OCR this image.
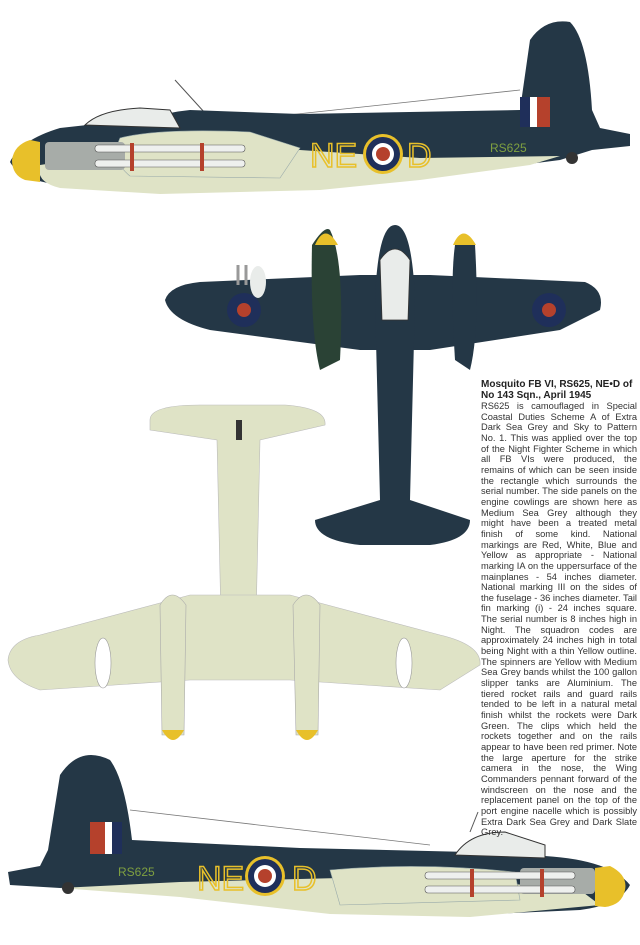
NE D	RS625
NE D
RS625
Mosquito FB VI, RS625, NE•D of No 143 Sqn., April 1945

RS625 is camouflaged in Special Coastal Duties Scheme A of Extra Dark Sea Grey and Sky to Pattern No. 1. This was applied over the top of the Night Fighter Scheme in which all FB VIs were produced, the remains of which can be seen inside the rectangle which surrounds the serial number. The side panels on the engine cowlings are shown here as Medium Sea Grey although they might have been a treated metal finish of some kind. National markings are Red, White, Blue and Yellow as appropriate - National marking IA on the uppersurface of the mainplanes - 54 inches diameter. National marking III on the sides of the fuselage - 36 inches diameter. Tail fin marking (i) - 24 inches square. The serial number is 8 inches high in Night. The squadron codes are approximately 24 inches high in total being Night with a thin Yellow outline. The spinners are Yellow with Medium Sea Grey bands whilst the 100 gallon slipper tanks are Aluminium. The tiered rocket rails and guard rails tended to be left in a natural metal finish whilst the rockets were Dark Green. The clips which held the rockets together and on the rails appear to have been red primer. Note the large aperture for the strike camera in the nose, the Wing Commanders pennant forward of the windscreen on the nose and the replacement panel on the top of the port engine nacelle which is possibly Extra Dark Sea Grey and Dark Slate Grey.
